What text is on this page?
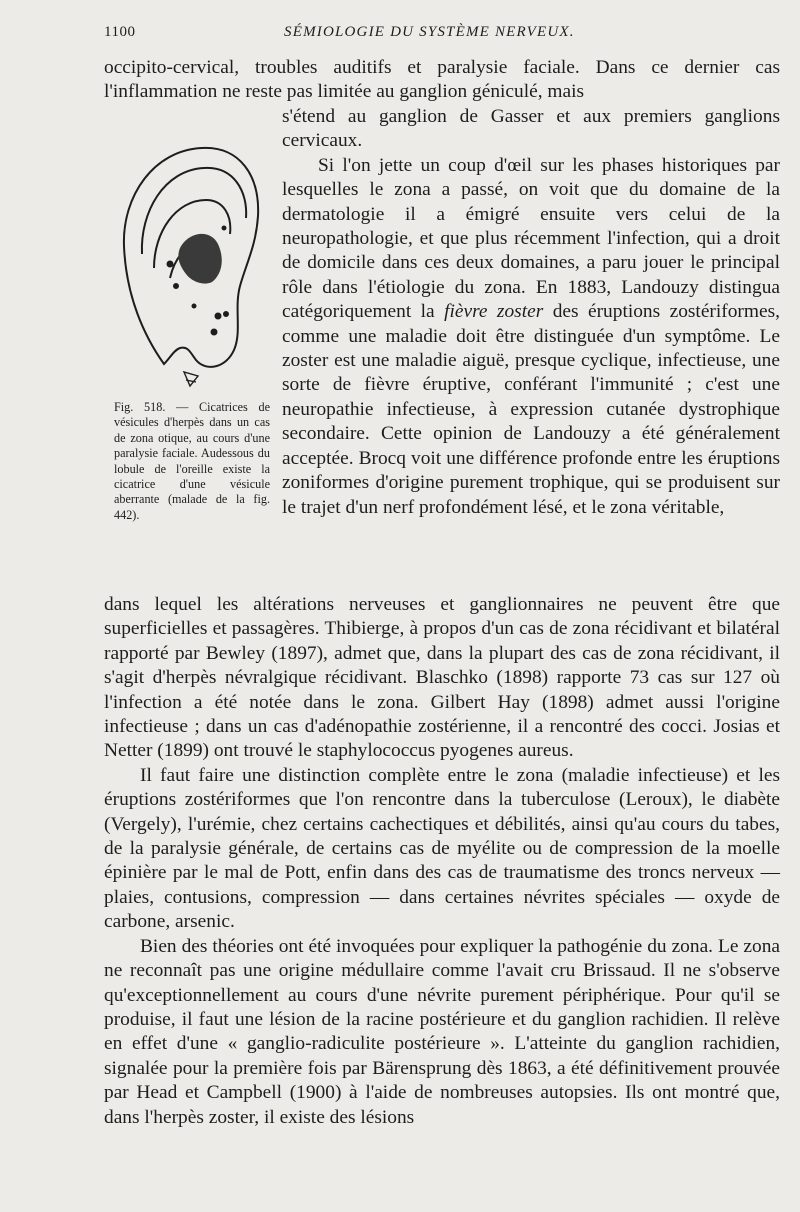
1100	SÉMIOLOGIE DU SYSTÈME NERVEUX.

occipito-cervical, troubles auditifs et paralysie faciale. Dans ce dernier cas l'inflammation ne reste pas limitée au ganglion géniculé, mais

Fig. 518. — Cicatrices de vésicules d'herpès dans un cas de zona otique, au cours d'une paralysie faciale. Audessous du lobule de l'oreille existe la cicatrice d'une vésicule aberrante (malade de la fig. 442).

s'étend au ganglion de Gasser et aux premiers ganglions cervicaux.

Si l'on jette un coup d'œil sur les phases historiques par lesquelles le zona a passé, on voit que du domaine de la dermatologie il a émigré ensuite vers celui de la neuropathologie, et que plus récemment l'infection, qui a droit de domicile dans ces deux domaines, a paru jouer le principal rôle dans l'étiologie du zona. En 1883, Landouzy distingua catégoriquement la fièvre zoster des éruptions zostériformes, comme une maladie doit être distinguée d'un symptôme. Le zoster est une maladie aiguë, presque cyclique, infectieuse, une sorte de fièvre éruptive, conférant l'immunité ; c'est une neuropathie infectieuse, à expression cutanée dystrophique secondaire. Cette opinion de Landouzy a été généralement acceptée. Brocq voit une différence profonde entre les éruptions zoniformes d'origine purement trophique, qui se produisent sur le trajet d'un nerf profondément lésé, et le zona véritable,

dans lequel les altérations nerveuses et ganglionnaires ne peuvent être que superficielles et passagères. Thibierge, à propos d'un cas de zona récidivant et bilatéral rapporté par Bewley (1897), admet que, dans la plupart des cas de zona récidivant, il s'agit d'herpès névralgique récidivant. Blaschko (1898) rapporte 73 cas sur 127 où l'infection a été notée dans le zona. Gilbert Hay (1898) admet aussi l'origine infectieuse ; dans un cas d'adénopathie zostérienne, il a rencontré des cocci. Josias et Netter (1899) ont trouvé le staphylococcus pyogenes aureus.

Il faut faire une distinction complète entre le zona (maladie infectieuse) et les éruptions zostériformes que l'on rencontre dans la tuberculose (Leroux), le diabète (Vergely), l'urémie, chez certains cachectiques et débilités, ainsi qu'au cours du tabes, de la paralysie générale, de certains cas de myélite ou de compression de la moelle épinière par le mal de Pott, enfin dans des cas de traumatisme des troncs nerveux — plaies, contusions, compression — dans certaines névrites spéciales — oxyde de carbone, arsenic.

Bien des théories ont été invoquées pour expliquer la pathogénie du zona. Le zona ne reconnaît pas une origine médullaire comme l'avait cru Brissaud. Il ne s'observe qu'exceptionnellement au cours d'une névrite purement périphérique. Pour qu'il se produise, il faut une lésion de la racine postérieure et du ganglion rachidien. Il relève en effet d'une « ganglio-radiculite postérieure ». L'atteinte du ganglion rachidien, signalée pour la première fois par Bärensprung dès 1863, a été définitivement prouvée par Head et Campbell (1900) à l'aide de nombreuses autopsies. Ils ont montré que, dans l'herpès zoster, il existe des lésions
